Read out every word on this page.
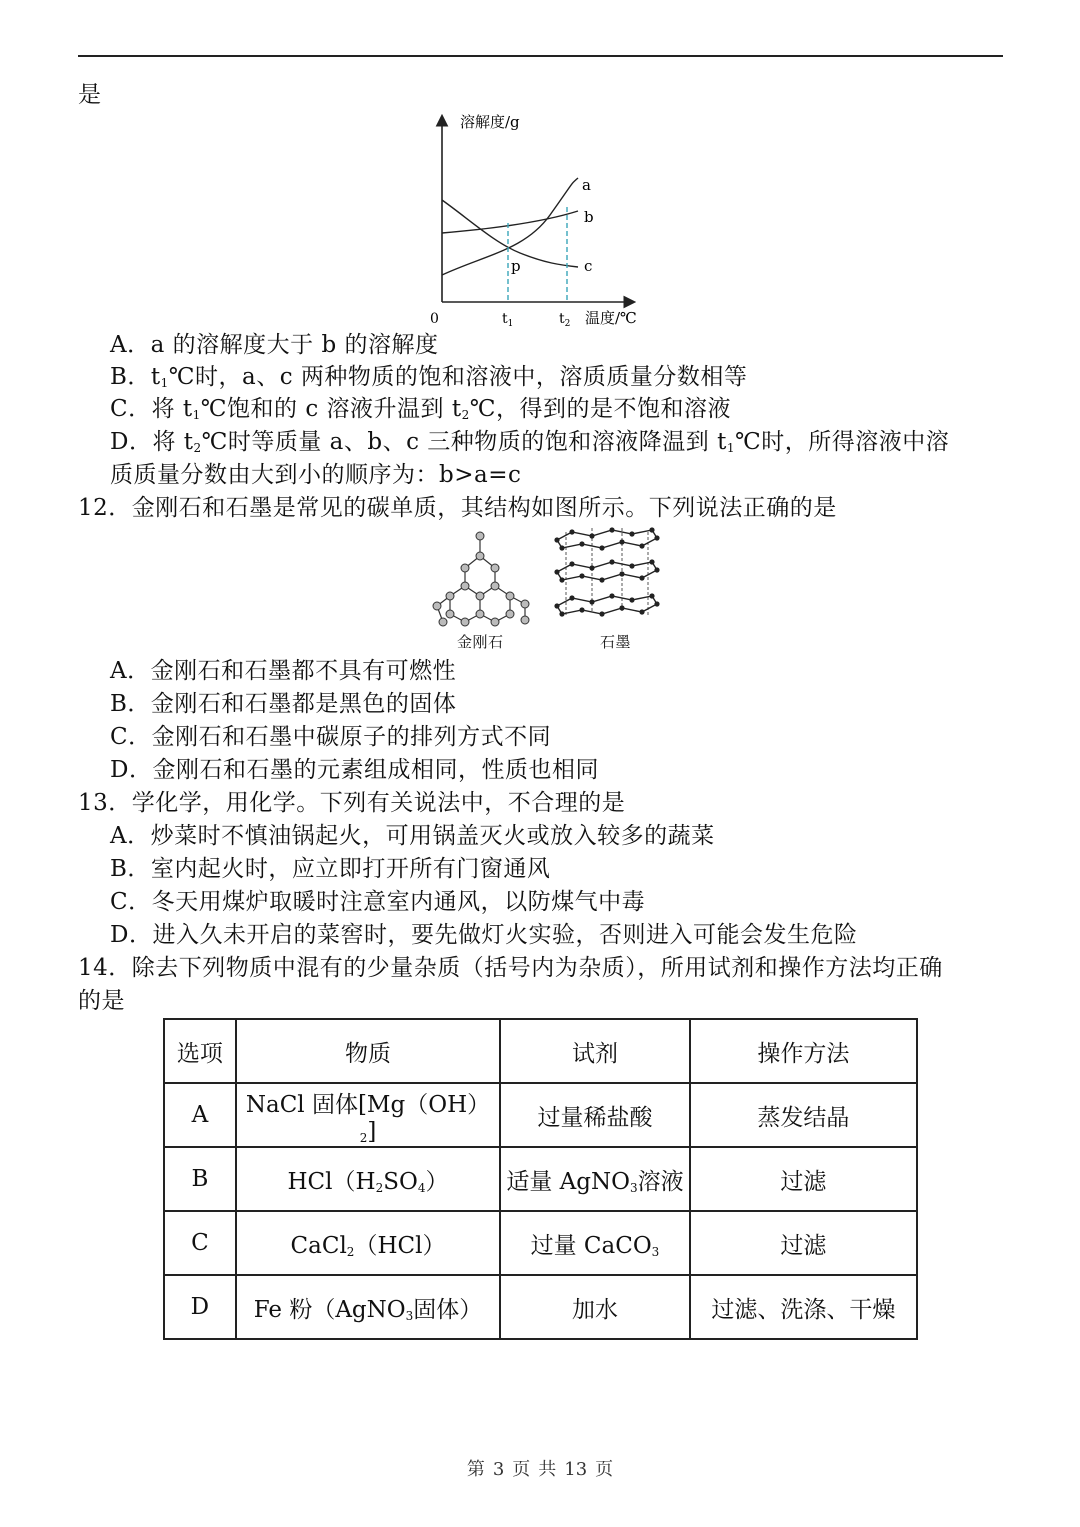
是
溶解度/g
温度/℃
0	$t_1$	$t_2$
a
b
c
p
A．a 的溶解度大于 b 的溶解度
B．$t_1℃$时，a、c 两种物质的饱和溶液中，溶质质量分数相等
C．将 $t_1℃$饱和的 c 溶液升温到 $t_2℃$，得到的是不饱和溶液
D．将 $t_2℃$时等质量 a、b、c 三种物质的饱和溶液降温到 $t_1℃$时，所得溶液中溶
质质量分数由大到小的顺序为：b>a=c
12．金刚石和石墨是常见的碳单质，其结构如图所示。下列说法正确的是
金刚石	石墨
A．金刚石和石墨都不具有可燃性
B．金刚石和石墨都是黑色的固体
C．金刚石和石墨中碳原子的排列方式不同
D．金刚石和石墨的元素组成相同，性质也相同
13．学化学，用化学。下列有关说法中，不合理的是
A．炒菜时不慎油锅起火，可用锅盖灭火或放入较多的蔬菜
B．室内起火时，应立即打开所有门窗通风
C．冬天用煤炉取暖时注意室内通风，以防煤气中毒
D．进入久未开启的菜窖时，要先做灯火实验，否则进入可能会发生危险
14．除去下列物质中混有的少量杂质（括号内为杂质），所用试剂和操作方法均正确
的是
选项	物质	试剂	操作方法
A	NaCl 固体$[Mg(OH)_2]$	过量稀盐酸	蒸发结晶
B	$HCl(H_2SO_4)$	适量 AgNO$_3$溶液	过滤
C	CaCl$_2$（HCl）	过量 CaCO$_3$	过滤
D	Fe 粉（AgNO$_3$固体）	加水	过滤、洗涤、干燥
第 3 页 共 13 页
